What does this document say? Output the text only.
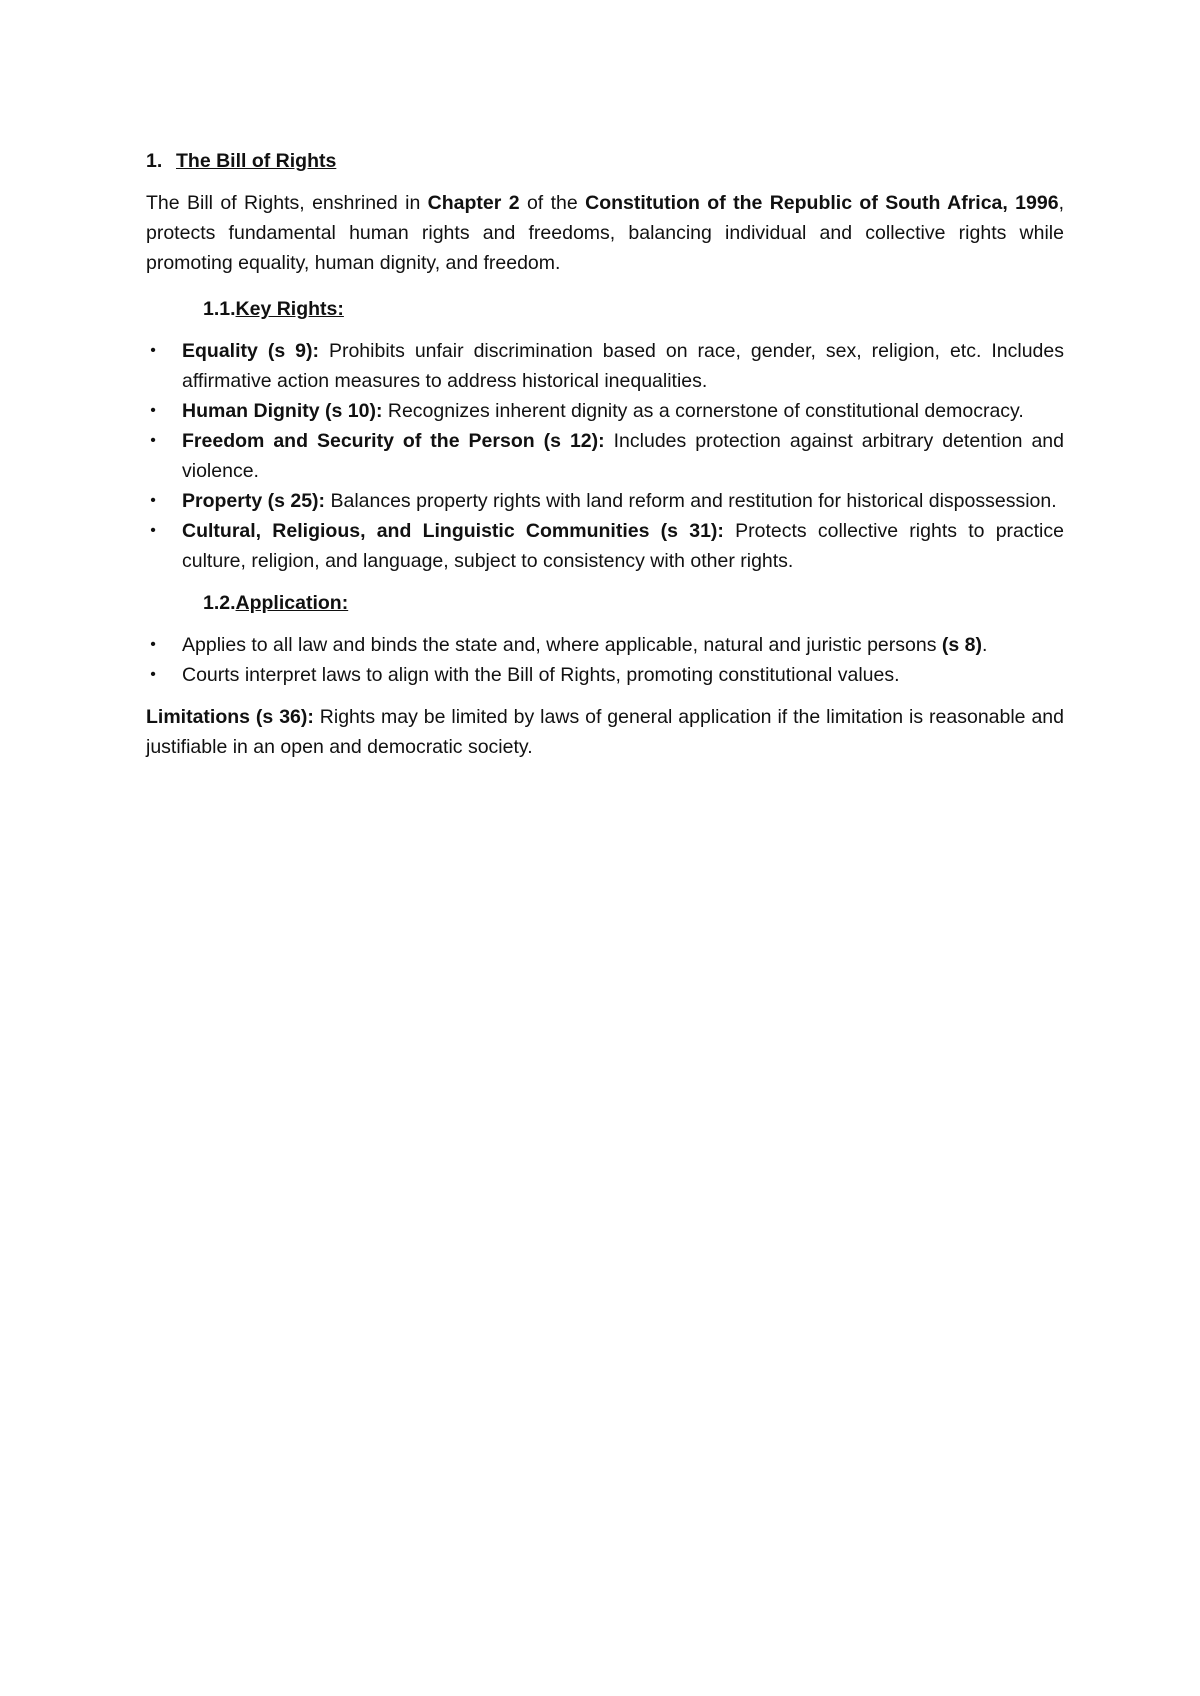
1. The Bill of Rights

The Bill of Rights, enshrined in Chapter 2 of the Constitution of the Republic of South Africa, 1996, protects fundamental human rights and freedoms, balancing individual and collective rights while promoting equality, human dignity, and freedom.

1.1.Key Rights:
• Equality (s 9): Prohibits unfair discrimination based on race, gender, sex, religion, etc. Includes affirmative action measures to address historical inequalities.
• Human Dignity (s 10): Recognizes inherent dignity as a cornerstone of constitutional democracy.
• Freedom and Security of the Person (s 12): Includes protection against arbitrary detention and violence.
• Property (s 25): Balances property rights with land reform and restitution for historical dispossession.
• Cultural, Religious, and Linguistic Communities (s 31): Protects collective rights to practice culture, religion, and language, subject to consistency with other rights.
1.2.Application:
• Applies to all law and binds the state and, where applicable, natural and juristic persons (s 8).
• Courts interpret laws to align with the Bill of Rights, promoting constitutional values.

Limitations (s 36): Rights may be limited by laws of general application if the limitation is reasonable and justifiable in an open and democratic society.
